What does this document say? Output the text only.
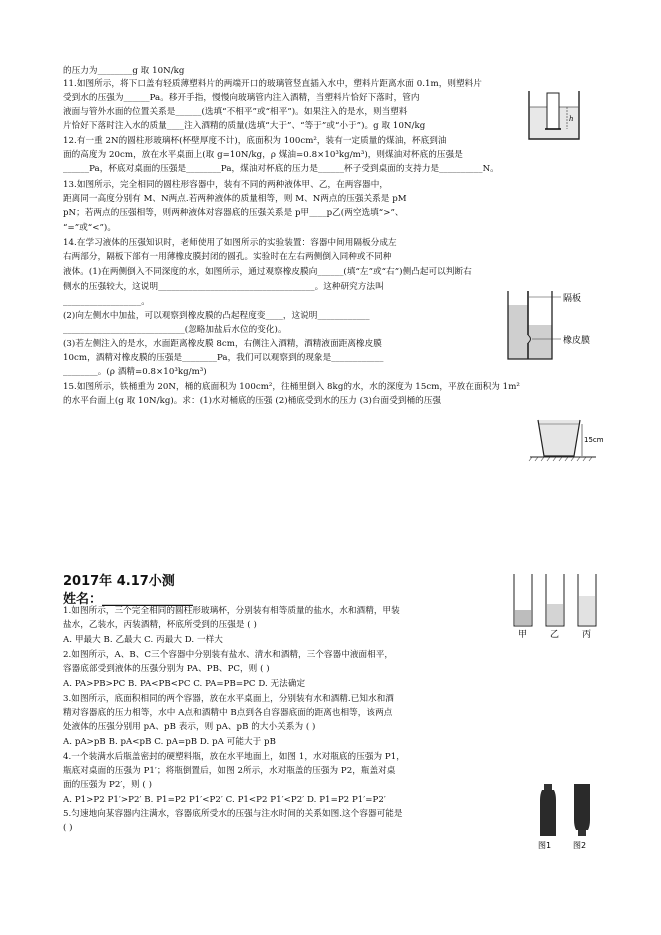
的压力为________g 取 10N/kg
11.如图所示，将下口盖有轻质薄塑料片的两端开口的玻璃管竖直插入水中，塑料片距离水面 0.1m，则塑料片
受到水的压强为______Pa。移开手指，慢慢向玻璃管内注入酒精，当塑料片恰好下落时，管内
液面与管外水面的位置关系是______(选填“不相平”或“相平”)。如果注入的是水，则当塑料
片恰好下落时注入水的质量____注入酒精的质量(选填“大于”、“等于”或“小于”)。g 取 10N/kg
12.有一重 2N的圆柱形玻璃杯(杯壁厚度不计)，底面积为 100cm²，装有一定质量的煤油，杯底到油
面的高度为 20cm，放在水平桌面上(取 g=10N/kg，ρ 煤油=0.8×10³kg/m³)，则煤油对杯底的压强是
______Pa，杯底对桌面的压强是________Pa，煤油对杯底的压力是______杯子受到桌面的支持力是__________N。
13.如图所示，完全相同的圆柱形容器中，装有不同的两种液体甲、乙，在两容器中，
距离同一高度分别有 M、N两点.若两种液体的质量相等，则 M、N两点的压强关系是 pM
pN；若两点的压强相等，则两种液体对容器底的压强关系是 p甲____p乙(两空选填“>”、
“=”或“<”)。
14.在学习液体的压强知识时，老师使用了如图所示的实验装置：容器中间用隔板分成左
右两部分，隔板下部有一用薄橡皮膜封闭的圆孔。实验时在左右两侧倒入同种或不同种
液体。(1)在两侧倒入不同深度的水，如图所示，通过观察橡皮膜向______(填“左”或“右”)侧凸起可以判断右
侧水的压强较大，这说明____________________________________。这种研究方法叫
__________________。
(2)向左侧水中加盐，可以观察到橡皮膜的凸起程度变____，这说明____________
____________________________(忽略加盐后水位的变化)。
(3)若左侧注入的是水，水面距离橡皮膜 8cm，右侧注入酒精，酒精液面距离橡皮膜
10cm，酒精对橡皮膜的压强是________Pa，我们可以观察到的现象是____________
________。(ρ 酒精=0.8×10³kg/m³)
15.如图所示，铁桶重为 20N，桶的底面积为 100cm²，往桶里倒入 8kg的水，水的深度为 15cm，平放在面积为 1m²
的水平台面上(g 取 10N/kg)。求：(1)水对桶底的压强 (2)桶底受到水的压力 (3)台面受到桶的压强
h
隔板
橡皮膜
15cm
2017年 4.17小测
姓名：______________
1.如图所示，三个完全相同的圆柱形玻璃杯，分别装有相等质量的盐水，水和酒精，甲装
盐水，乙装水，丙装酒精，杯底所受到的压强是 ( )
A. 甲最大 B. 乙最大 C. 丙最大 D. 一样大
2.如图所示，A、B、C三个容器中分别装有盐水、清水和酒精，三个容器中液面相平，
容器底部受到液体的压强分别为 PA、PB、PC，则 ( )
A. PA>PB>PC B. PA<PB<PC C. PA=PB=PC D. 无法确定
3.如图所示，底面积相同的两个容器，放在水平桌面上，分别装有水和酒精.已知水和酒
精对容器底的压力相等，水中 A点和酒精中 B点到各自容器底面的距离也相等，该两点
处液体的压强分别用 pA、pB 表示，则 pA、pB 的大小关系为 ( )
A. pA>pB B. pA<pB C. pA=pB D. pA 可能大于 pB
4.一个装满水后瓶盖密封的硬塑料瓶，放在水平地面上，如图 1，水对瓶底的压强为 P1，
瓶底对桌面的压强为 P1′；将瓶倒置后，如图 2所示，水对瓶盖的压强为 P2，瓶盖对桌
面的压强为 P2′，则 ( )
A. P1>P2 P1′>P2′ B. P1=P2 P1′<P2′ C. P1<P2 P1′<P2′ D. P1=P2 P1′=P2′
5.匀速地向某容器内注满水，容器底所受水的压强与注水时间的关系如图.这个容器可能是
( )
甲	乙	丙
图1	图2
